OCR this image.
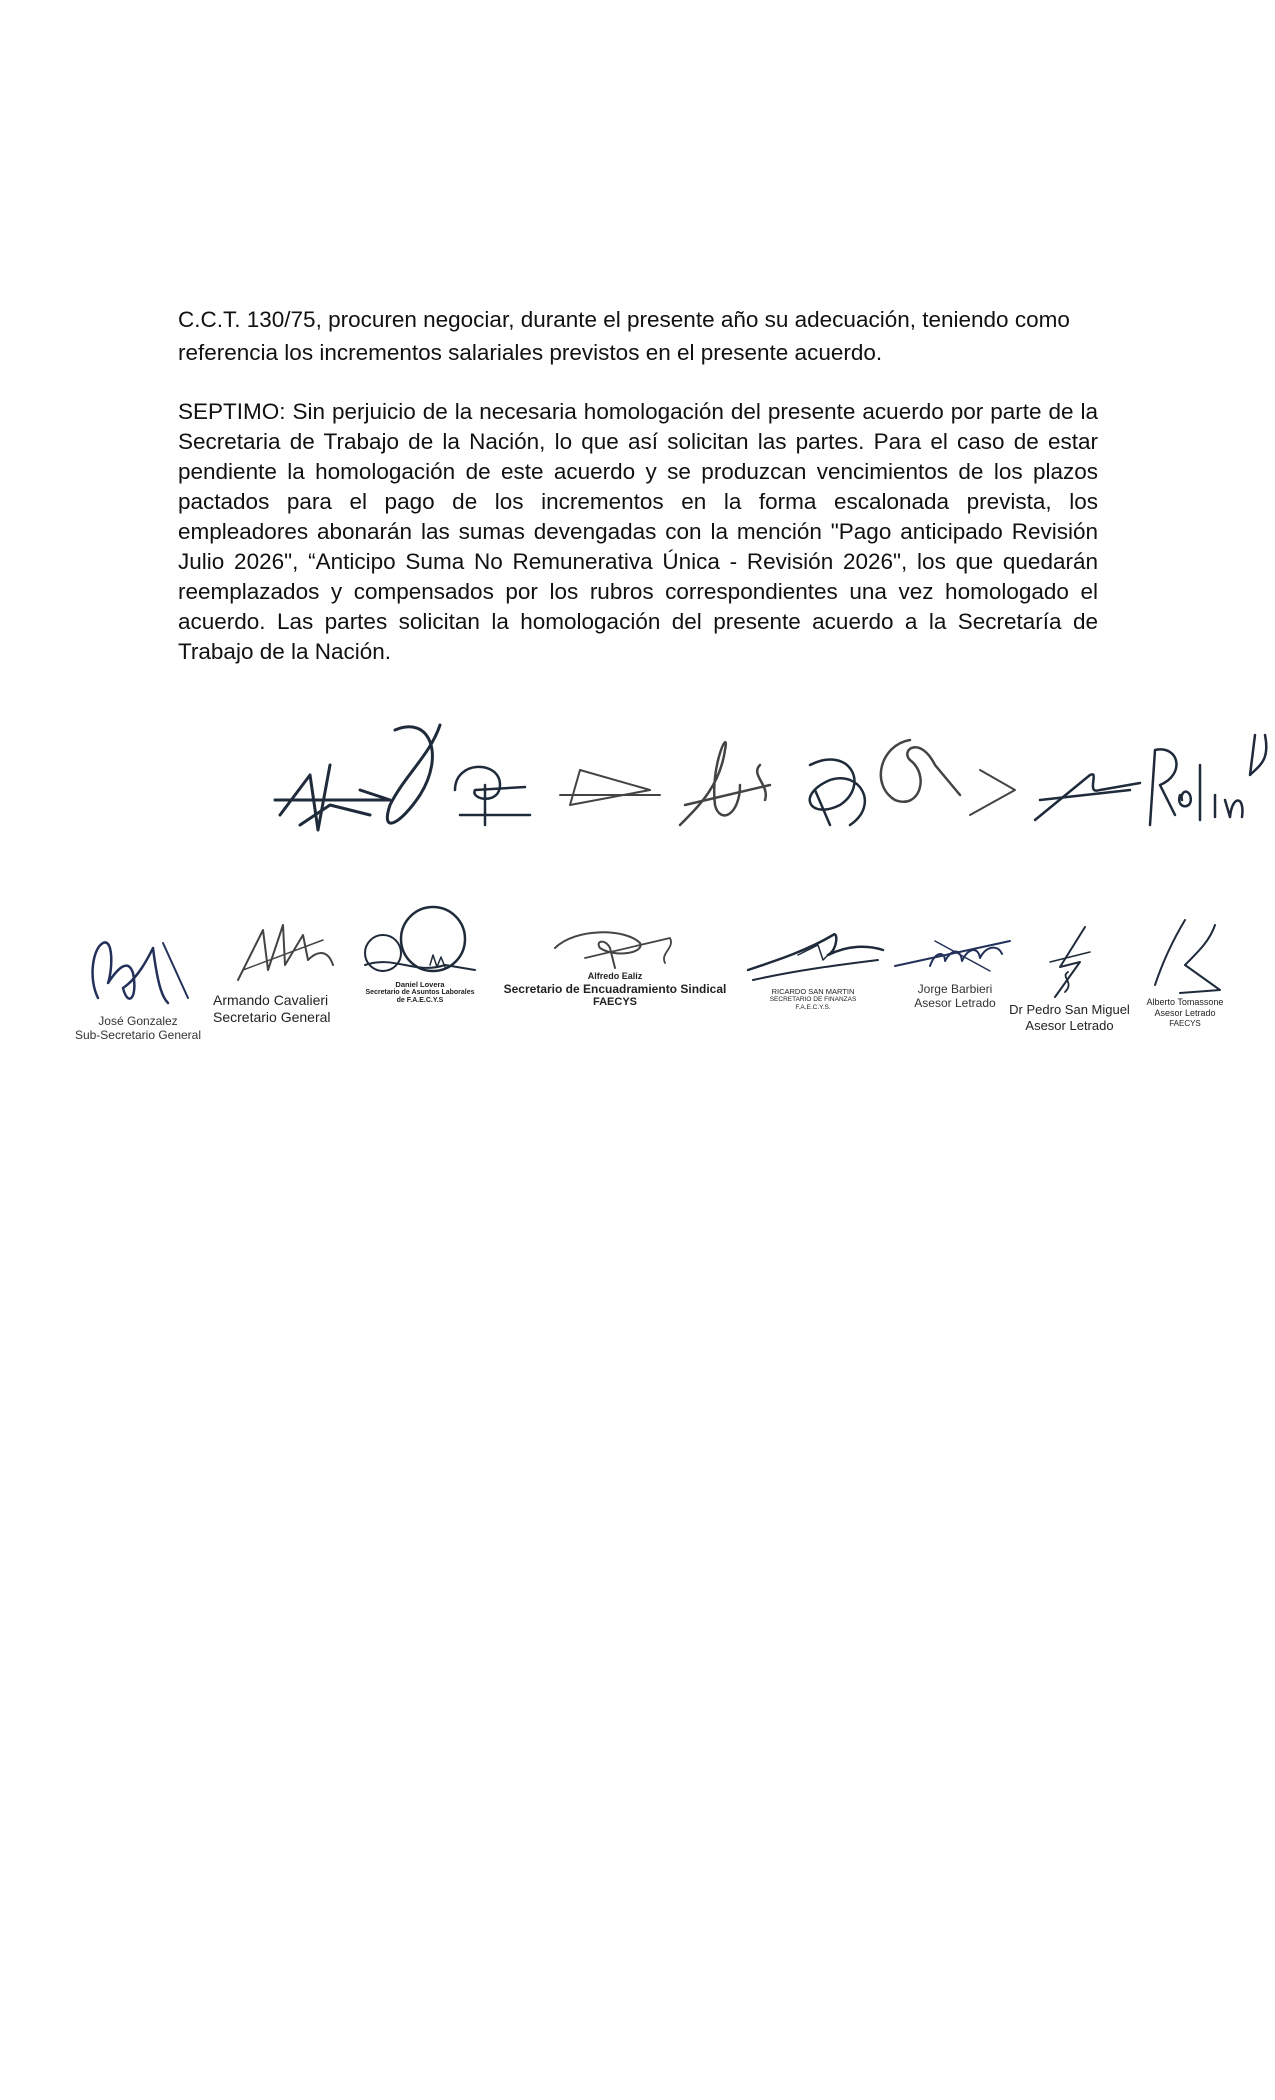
C.C.T. 130/75, procuren negociar, durante el presente año su adecuación, teniendo como referencia los incrementos salariales previstos en el presente acuerdo.

SEPTIMO: Sin perjuicio de la necesaria homologación del presente acuerdo por parte de la Secretaria de Trabajo de la Nación, lo que así solicitan las partes. Para el caso de estar pendiente la homologación de este acuerdo y se produzcan vencimientos de los plazos pactados para el pago de los incrementos en la forma escalonada prevista, los empleadores abonarán las sumas devengadas con la mención "Pago anticipado Revisión Julio 2026", “Anticipo Suma No Remunerativa Única - Revisión 2026", los que quedarán reemplazados y compensados por los rubros correspondientes una vez homologado el acuerdo. Las partes solicitan la homologación del presente acuerdo a la Secretaría de Trabajo de la Nación.

José Gonzalez
Sub-Secretario General
Armando Cavalieri
Secretario General
Daniel Lovera
Secretario de Asuntos Laborales
de F.A.E.C.Y.S
Alfredo Ealiz
Secretario de Encuadramiento Sindical
FAECYS
RICARDO SAN MARTIN
SECRETARIO DE FINANZAS
F.A.E.C.Y.S.
Jorge Barbieri
Asesor Letrado	Dr Pedro San Miguel
Asesor Letrado
Alberto Tomassone
Asesor Letrado
FAECYS
